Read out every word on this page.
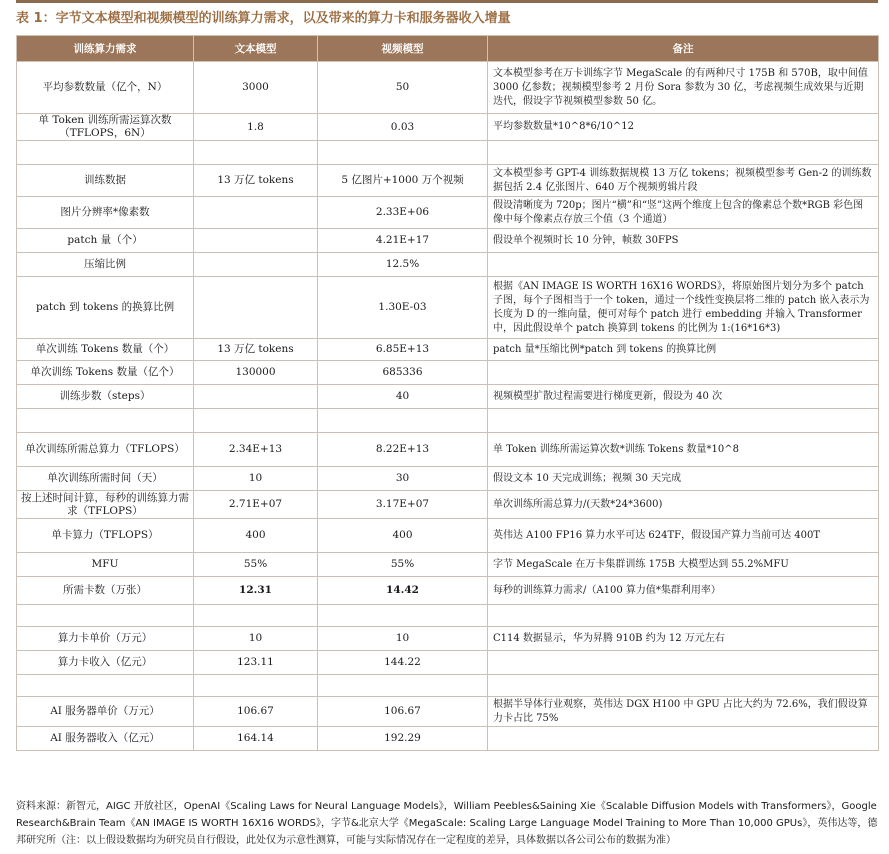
表 1：字节文本模型和视频模型的训练算力需求，以及带来的算力卡和服务器收入增量
训练算力需求	文本模型	视频模型	备注
平均参数数量（亿个，N）	3000	50	文本模型参考在万卡训练字节 MegaScale 的有两种尺寸 175B 和 570B，取中间值 3000 亿参数；视频模型参考 2 月份 Sora 参数为 30 亿，考虑视频生成效果与近期迭代，假设字节视频模型参数 50 亿。
单 Token 训练所需运算次数（TFLOPS，6N）	1.8	0.03	平均参数数量*10^8*6/10^12

训练数据	13 万亿 tokens	5 亿图片+1000 万个视频	文本模型参考 GPT-4 训练数据规模 13 万亿 tokens；视频模型参考 Gen-2 的训练数据包括 2.4 亿张图片、640 万个视频剪辑片段
图片分辨率*像素数		2.33E+06	假设清晰度为 720p；图片“横”和“竖”这两个维度上包含的像素总个数*RGB 彩色图像中每个像素点存放三个值（3 个通道）
patch 量（个）		4.21E+17	假设单个视频时长 10 分钟，帧数 30FPS
压缩比例		12.5%	
patch 到 tokens 的换算比例		1.30E-03	根据《AN IMAGE IS WORTH 16X16 WORDS》，将原始图片划分为多个 patch 子图，每个子图相当于一个 token，通过一个线性变换层将二维的 patch 嵌入表示为长度为 D 的一维向量，便可对每个 patch 进行 embedding 并输入 Transformer 中，因此假设单个 patch 换算到 tokens 的比例为 1:(16*16*3)
单次训练 Tokens 数量（个）	13 万亿 tokens	6.85E+13	patch 量*压缩比例*patch 到 tokens 的换算比例
单次训练 Tokens 数量（亿个）	130000	685336	
训练步数（steps）		40	视频模型扩散过程需要进行梯度更新，假设为 40 次

单次训练所需总算力（TFLOPS）	2.34E+13	8.22E+13	单 Token 训练所需运算次数*训练 Tokens 数量*10^8
单次训练所需时间（天）	10	30	假设文本 10 天完成训练；视频 30 天完成
按上述时间计算，每秒的训练算力需求（TFLOPS）	2.71E+07	3.17E+07	单次训练所需总算力/(天数*24*3600)
单卡算力（TFLOPS）	400	400	英伟达 A100 FP16 算力水平可达 624TF，假设国产算力当前可达 400T
MFU	55%	55%	字节 MegaScale 在万卡集群训练 175B 大模型达到 55.2%MFU
所需卡数（万张）	12.31	14.42	每秒的训练算力需求/（A100 算力值*集群利用率）

算力卡单价（万元）	10	10	C114 数据显示，华为昇腾 910B 约为 12 万元左右
算力卡收入（亿元）	123.11	144.22	

AI 服务器单价（万元）	106.67	106.67	根据半导体行业观察，英伟达 DGX H100 中 GPU 占比大约为 72.6%，我们假设算力卡占比 75%
AI 服务器收入（亿元）	164.14	192.29	
资料来源：新智元，AIGC 开放社区，OpenAI《Scaling Laws for Neural Language Models》，William Peebles&Saining Xie《Scalable Diffusion Models with Transformers》，Google Research&Brain Team《AN IMAGE IS WORTH 16X16 WORDS》，字节&北京大学《MegaScale: Scaling Large Language Model Training to More Than 10,000 GPUs》，英伟达等，德邦研究所（注：以上假设数据均为研究员自行假设，此处仅为示意性测算，可能与实际情况存在一定程度的差异，具体数据以各公司公布的数据为准）
